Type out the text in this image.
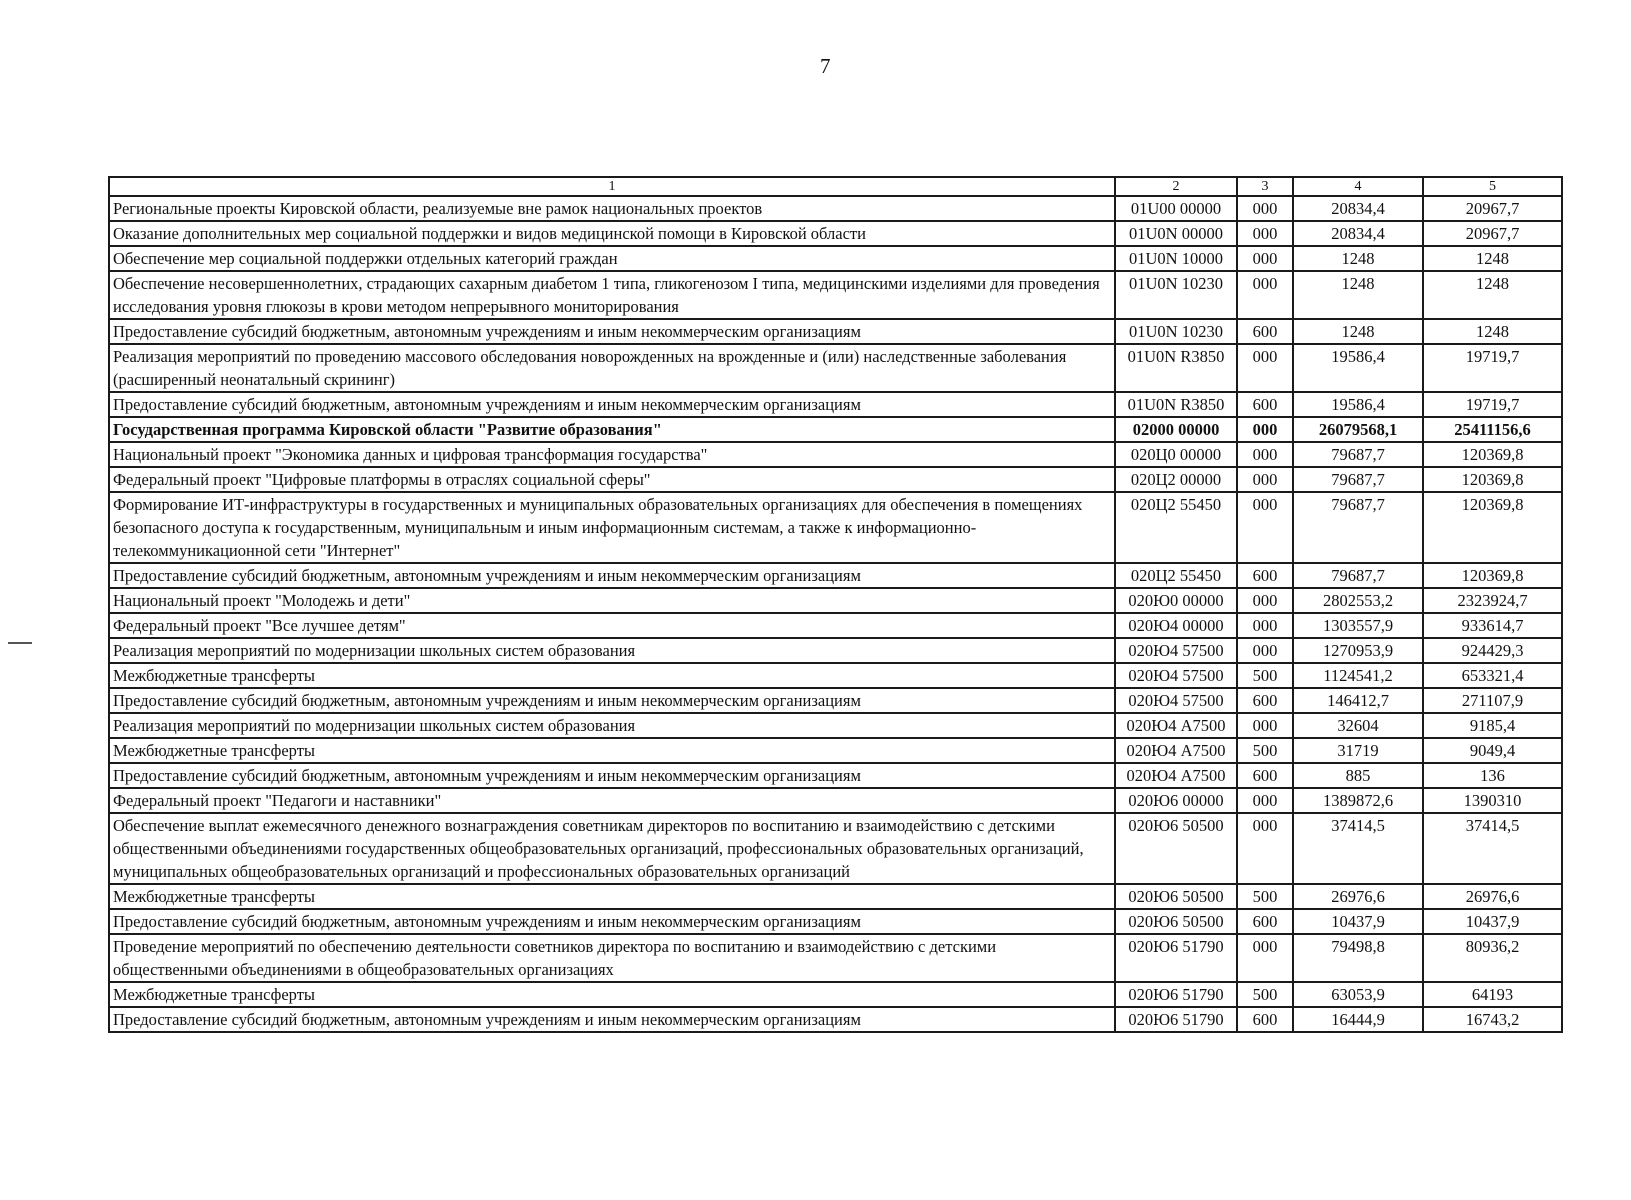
7
1	2	3	4	5
Региональные проекты Кировской области, реализуемые вне рамок национальных проектов	01U00 00000	000	20834,4	20967,7
Оказание дополнительных мер социальной поддержки и видов медицинской помощи в Кировской области	01U0N 00000	000	20834,4	20967,7
Обеспечение мер социальной поддержки отдельных категорий граждан	01U0N 10000	000	1248	1248
Обеспечение несовершеннолетних, страдающих сахарным диабетом 1 типа, гликогенозом I типа, медицинскими изделиями для проведения исследования уровня глюкозы в крови методом непрерывного мониторирования	01U0N 10230	000	1248	1248
Предоставление субсидий бюджетным, автономным учреждениям и иным некоммерческим организациям	01U0N 10230	600	1248	1248
Реализация мероприятий по проведению массового обследования новорожденных на врожденные и (или) наследственные заболевания (расширенный неонатальный скрининг)	01U0N R3850	000	19586,4	19719,7
Предоставление субсидий бюджетным, автономным учреждениям и иным некоммерческим организациям	01U0N R3850	600	19586,4	19719,7
Государственная программа Кировской области "Развитие образования"	02000 00000	000	26079568,1	25411156,6
Национальный проект "Экономика данных и цифровая трансформация государства"	020Ц0 00000	000	79687,7	120369,8
Федеральный проект "Цифровые платформы в отраслях социальной сферы"	020Ц2 00000	000	79687,7	120369,8
Формирование ИТ-инфраструктуры в государственных и муниципальных образовательных организациях для обеспечения в помещениях безопасного доступа к государственным, муниципальным и иным информационным системам, а также к информационно-телекоммуникационной сети "Интернет"	020Ц2 55450	000	79687,7	120369,8
Предоставление субсидий бюджетным, автономным учреждениям и иным некоммерческим организациям	020Ц2 55450	600	79687,7	120369,8
Национальный проект "Молодежь и дети"	020Ю0 00000	000	2802553,2	2323924,7
Федеральный проект "Все лучшее детям"	020Ю4 00000	000	1303557,9	933614,7
Реализация мероприятий по модернизации школьных систем образования	020Ю4 57500	000	1270953,9	924429,3
Межбюджетные трансферты	020Ю4 57500	500	1124541,2	653321,4
Предоставление субсидий бюджетным, автономным учреждениям и иным некоммерческим организациям	020Ю4 57500	600	146412,7	271107,9
Реализация мероприятий по модернизации школьных систем образования	020Ю4 А7500	000	32604	9185,4
Межбюджетные трансферты	020Ю4 А7500	500	31719	9049,4
Предоставление субсидий бюджетным, автономным учреждениям и иным некоммерческим организациям	020Ю4 А7500	600	885	136
Федеральный проект "Педагоги и наставники"	020Ю6 00000	000	1389872,6	1390310
Обеспечение выплат ежемесячного денежного вознаграждения советникам директоров по воспитанию и взаимодействию с детскими общественными объединениями государственных общеобразовательных организаций, профессиональных образовательных организаций, муниципальных общеобразовательных организаций и профессиональных образовательных организаций	020Ю6 50500	000	37414,5	37414,5
Межбюджетные трансферты	020Ю6 50500	500	26976,6	26976,6
Предоставление субсидий бюджетным, автономным учреждениям и иным некоммерческим организациям	020Ю6 50500	600	10437,9	10437,9
Проведение мероприятий по обеспечению деятельности советников директора по воспитанию и взаимодействию с детскими общественными объединениями в общеобразовательных организациях	020Ю6 51790	000	79498,8	80936,2
Межбюджетные трансферты	020Ю6 51790	500	63053,9	64193
Предоставление субсидий бюджетным, автономным учреждениям и иным некоммерческим организациям	020Ю6 51790	600	16444,9	16743,2
